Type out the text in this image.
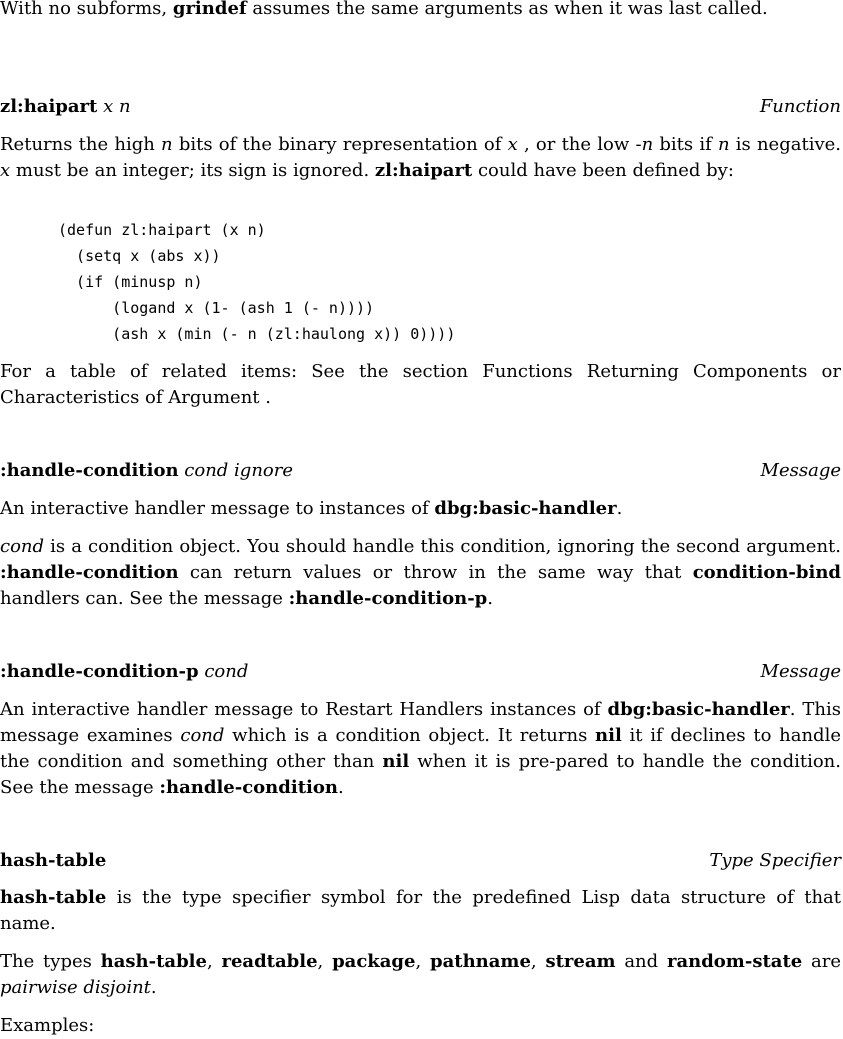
With no subforms, grindef assumes the same arguments as when it was last called.

zl:haipart x n	Function

Returns the high n bits of the binary representation of x , or the low -n bits if n is negative. x must be an integer; its sign is ignored. zl:haipart could have been defined by:

(defun zl:haipart (x n)
(setq x (abs x))
(if (minusp n)
(logand x (1- (ash 1 (- n))))
(ash x (min (- n (zl:haulong x)) 0))))

For a table of related items: See the section Functions Returning Components or Characteristics of Argument .

:handle-condition cond ignore	Message

An interactive handler message to instances of dbg:basic-handler.

cond is a condition object. You should handle this condition, ignoring the second argument. :handle-condition can return values or throw in the same way that condition-bind handlers can. See the message :handle-condition-p.

:handle-condition-p cond	Message

An interactive handler message to Restart Handlers instances of dbg:basic-handler. This message examines cond which is a condition object. It returns nil it if declines to handle the condition and something other than nil when it is pre-pared to handle the condition. See the message :handle-condition.

hash-table	Type Specifier

hash-table is the type specifier symbol for the predefined Lisp data structure of that name.

The types hash-table, readtable, package, pathname, stream and random-state are pairwise disjoint.

Examples:
